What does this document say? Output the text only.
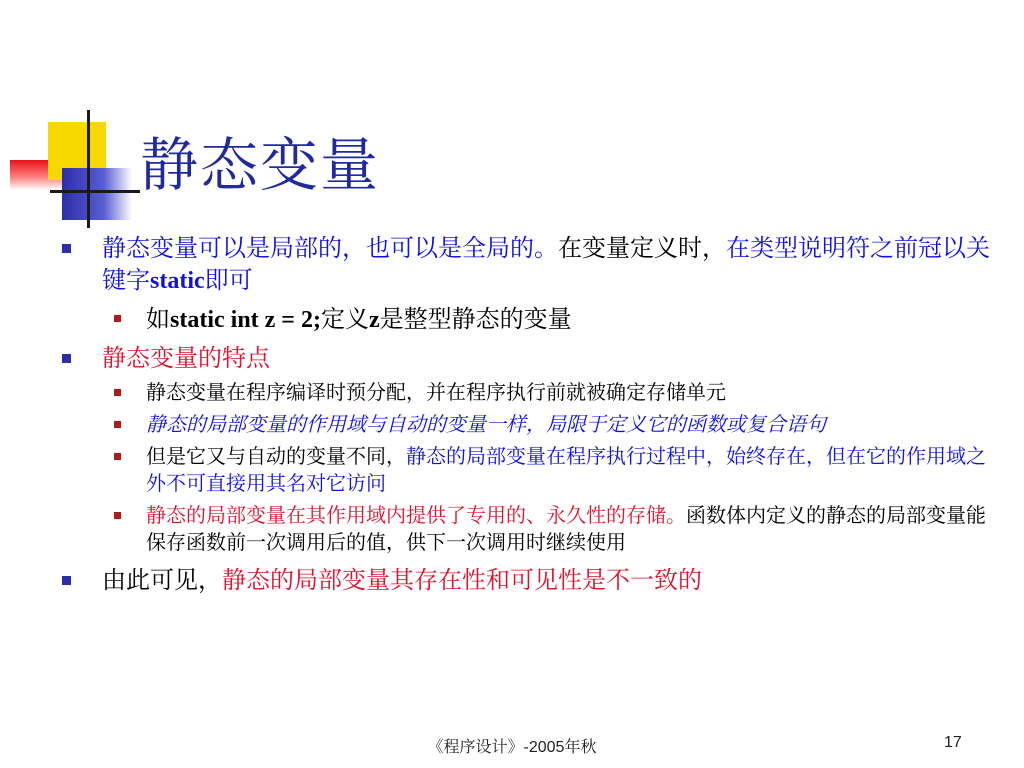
静态变量
静态变量可以是局部的，也可以是全局的。在变量定义时，在类型说明符之前冠以关键字static即可
如static int z = 2;定义z是整型静态的变量
静态变量的特点
静态变量在程序编译时预分配，并在程序执行前就被确定存储单元
静态的局部变量的作用域与自动的变量一样，局限于定义它的函数或复合语句
但是它又与自动的变量不同，静态的局部变量在程序执行过程中，始终存在，但在它的作用域之外不可直接用其名对它访问
静态的局部变量在其作用域内提供了专用的、永久性的存储。函数体内定义的静态的局部变量能保存函数前一次调用后的值，供下一次调用时继续使用
由此可见，静态的局部变量其存在性和可见性是不一致的
《程序设计》-2005年秋	17
